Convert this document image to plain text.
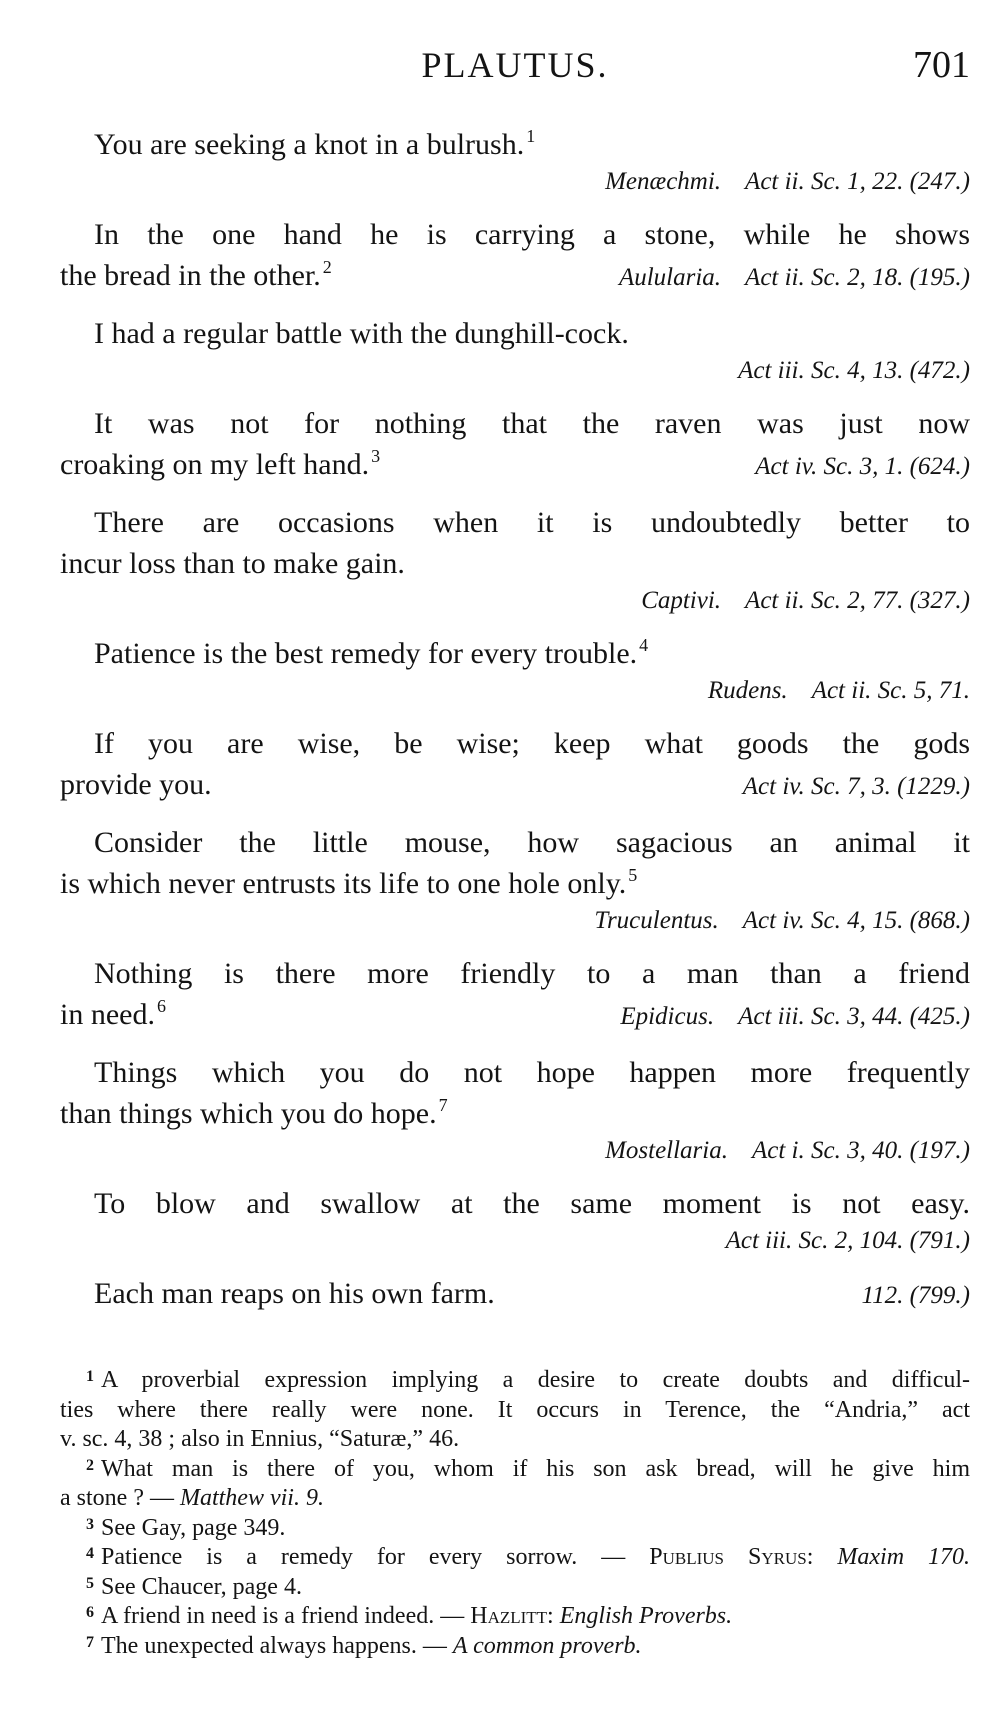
PLAUTUS.	701
You are seeking a knot in a bulrush. $^1$
Menæchmi. Act ii. Sc. 1, 22. (247.)
In the one hand he is carrying a stone, while he shows
the bread in the other. $^2$	Aulularia. Act ii. Sc. 2, 18. (195.)
I had a regular battle with the dunghill-cock.
Act iii. Sc. 4, 13. (472.)
It was not for nothing that the raven was just now
croaking on my left hand. $^3$	Act iv. Sc. 3, 1. (624.)
There are occasions when it is undoubtedly better to
incur loss than to make gain.
Captivi. Act ii. Sc. 2, 77. (327.)
Patience is the best remedy for every trouble. $^4$
Rudens. Act ii. Sc. 5, 71.
If you are wise, be wise; keep what goods the gods
provide you.	Act iv. Sc. 7, 3. (1229.)
Consider the little mouse, how sagacious an animal it
is which never entrusts its life to one hole only. $^5$
Truculentus. Act iv. Sc. 4, 15. (868.)
Nothing is there more friendly to a man than a friend
in need. $^6$	Epidicus. Act iii. Sc. 3, 44. (425.)
Things which you do not hope happen more frequently
than things which you do hope. $^7$
Mostellaria. Act i. Sc. 3, 40. (197.)
To blow and swallow at the same moment is not easy.
Act iii. Sc. 2, 104. (791.)
Each man reaps on his own farm.	112. (799.)
$^1$ A proverbial expression implying a desire to create doubts and difficul-
ties where there really were none. It occurs in Terence, the “Andria,” act
v. sc. 4, 38 ; also in Ennius, “Saturæ,” 46.
$^2$ What man is there of you, whom if his son ask bread, will he give him
a stone ? — Matthew vii. 9.
$^3$ See Gay, page 349.
$^4$ Patience is a remedy for every sorrow. — Publius Syrus: Maxim 170.
$^5$ See Chaucer, page 4.
$^6$ A friend in need is a friend indeed. — Hazlitt: English Proverbs.
$^7$ The unexpected always happens. — A common proverb.
